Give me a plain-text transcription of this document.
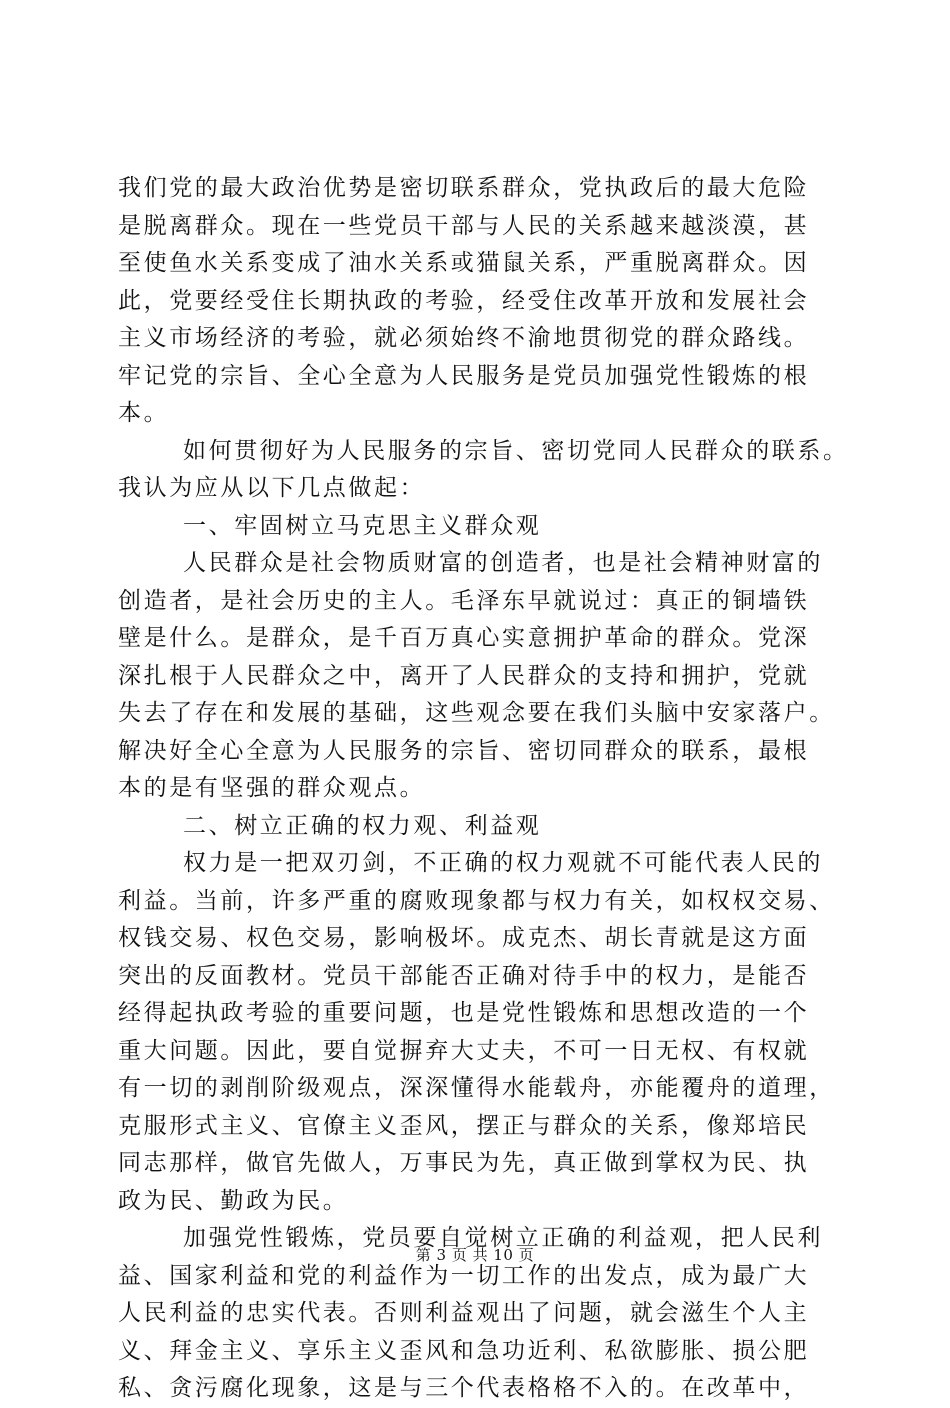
我们党的最大政治优势是密切联系群众，党执政后的最大危险
是脱离群众。现在一些党员干部与人民的关系越来越淡漠，甚
至使鱼水关系变成了油水关系或猫鼠关系，严重脱离群众。因
此，党要经受住长期执政的考验，经受住改革开放和发展社会
主义市场经济的考验，就必须始终不渝地贯彻党的群众路线。
牢记党的宗旨、全心全意为人民服务是党员加强党性锻炼的根
本。
如何贯彻好为人民服务的宗旨、密切党同人民群众的联系。
我认为应从以下几点做起：
一、牢固树立马克思主义群众观
人民群众是社会物质财富的创造者，也是社会精神财富的
创造者，是社会历史的主人。毛泽东早就说过：真正的铜墙铁
壁是什么。是群众，是千百万真心实意拥护革命的群众。党深
深扎根于人民群众之中，离开了人民群众的支持和拥护，党就
失去了存在和发展的基础，这些观念要在我们头脑中安家落户。
解决好全心全意为人民服务的宗旨、密切同群众的联系，最根
本的是有坚强的群众观点。
二、树立正确的权力观、利益观
权力是一把双刃剑，不正确的权力观就不可能代表人民的
利益。当前，许多严重的腐败现象都与权力有关，如权权交易、
权钱交易、权色交易，影响极坏。成克杰、胡长青就是这方面
突出的反面教材。党员干部能否正确对待手中的权力，是能否
经得起执政考验的重要问题，也是党性锻炼和思想改造的一个
重大问题。因此，要自觉摒弃大丈夫，不可一日无权、有权就
有一切的剥削阶级观点，深深懂得水能载舟，亦能覆舟的道理，
克服形式主义、官僚主义歪风，摆正与群众的关系，像郑培民
同志那样，做官先做人，万事民为先，真正做到掌权为民、执
政为民、勤政为民。
加强党性锻炼，党员要自觉树立正确的利益观，把人民利
益、国家利益和党的利益作为一切工作的出发点，成为最广大
人民利益的忠实代表。否则利益观出了问题，就会滋生个人主
义、拜金主义、享乐主义歪风和急功近利、私欲膨胀、损公肥
私、贪污腐化现象，这是与三个代表格格不入的。在改革中，
第 3 页 共 10 页
